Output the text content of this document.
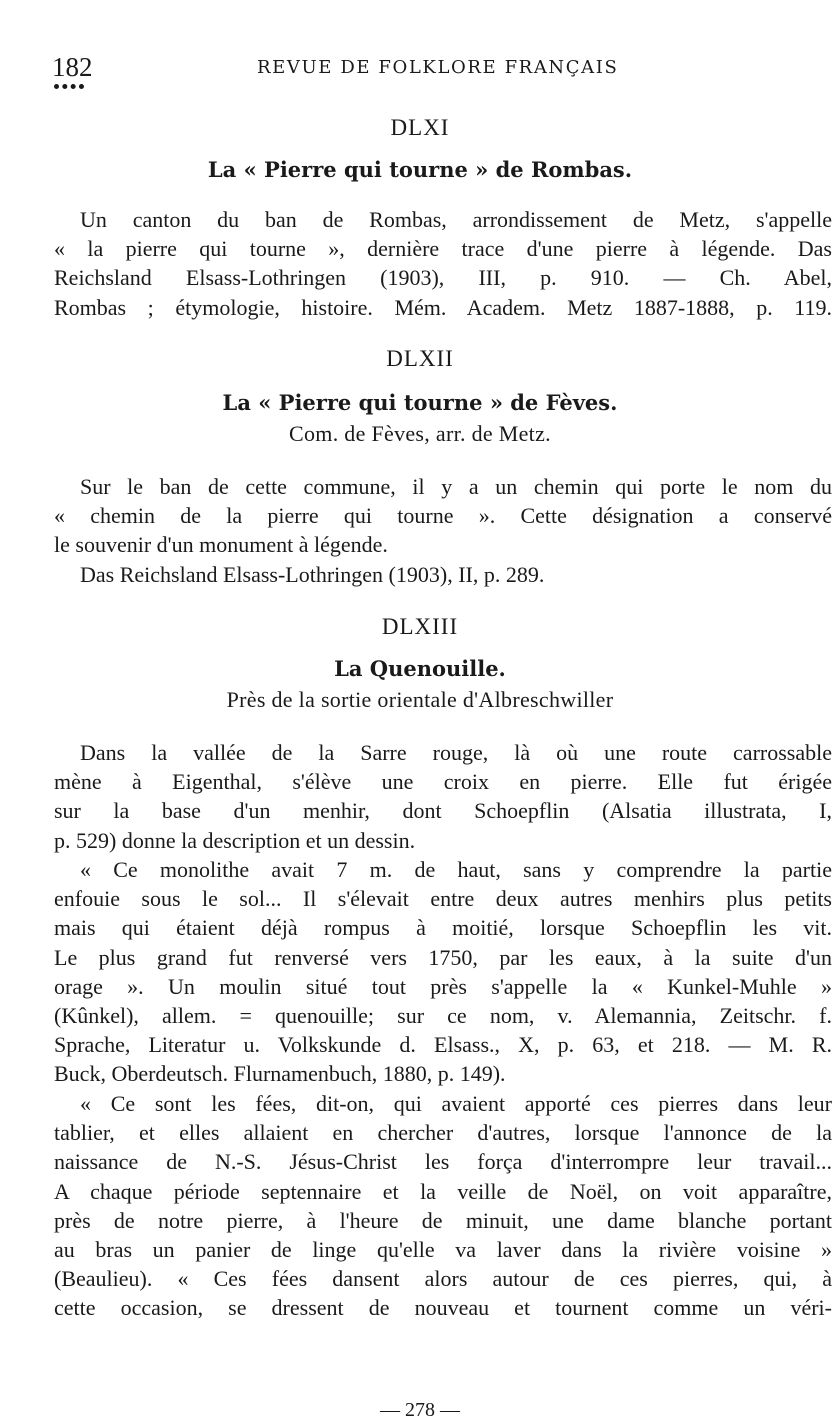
182	REVUE DE FOLKLORE FRANÇAIS
DLXI
La « Pierre qui tourne » de Rombas.
Un canton du ban de Rombas, arrondissement de Metz, s'appelle
« la pierre qui tourne », dernière trace d'une pierre à légende. Das
Reichsland Elsass-Lothringen (1903), III, p. 910. — Ch. Abel,
Rombas ; étymologie, histoire. Mém. Academ. Metz 1887-1888, p. 119.
DLXII
La « Pierre qui tourne » de Fèves.
Com. de Fèves, arr. de Metz.
Sur le ban de cette commune, il y a un chemin qui porte le nom du
« chemin de la pierre qui tourne ». Cette désignation a conservé
le souvenir d'un monument à légende.
Das Reichsland Elsass-Lothringen (1903), II, p. 289.
DLXIII
La Quenouille.
Près de la sortie orientale d'Albreschwiller
Dans la vallée de la Sarre rouge, là où une route carrossable
mène à Eigenthal, s'élève une croix en pierre. Elle fut érigée
sur la base d'un menhir, dont Schoepflin (Alsatia illustrata, I,
p. 529) donne la description et un dessin.
« Ce monolithe avait 7 m. de haut, sans y comprendre la partie
enfouie sous le sol... Il s'élevait entre deux autres menhirs plus petits
mais qui étaient déjà rompus à moitié, lorsque Schoepflin les vit.
Le plus grand fut renversé vers 1750, par les eaux, à la suite d'un
orage ». Un moulin situé tout près s'appelle la « Kunkel-Muhle »
(Kûnkel), allem. = quenouille; sur ce nom, v. Alemannia, Zeitschr. f.
Sprache, Literatur u. Volkskunde d. Elsass., X, p. 63, et 218. — M. R.
Buck, Oberdeutsch. Flurnamenbuch, 1880, p. 149).
« Ce sont les fées, dit-on, qui avaient apporté ces pierres dans leur
tablier, et elles allaient en chercher d'autres, lorsque l'annonce de la
naissance de N.-S. Jésus-Christ les força d'interrompre leur travail...
A chaque période septennaire et la veille de Noël, on voit apparaître,
près de notre pierre, à l'heure de minuit, une dame blanche portant
au bras un panier de linge qu'elle va laver dans la rivière voisine »
(Beaulieu). « Ces fées dansent alors autour de ces pierres, qui, à
cette occasion, se dressent de nouveau et tournent comme un véri-
— 278 —
